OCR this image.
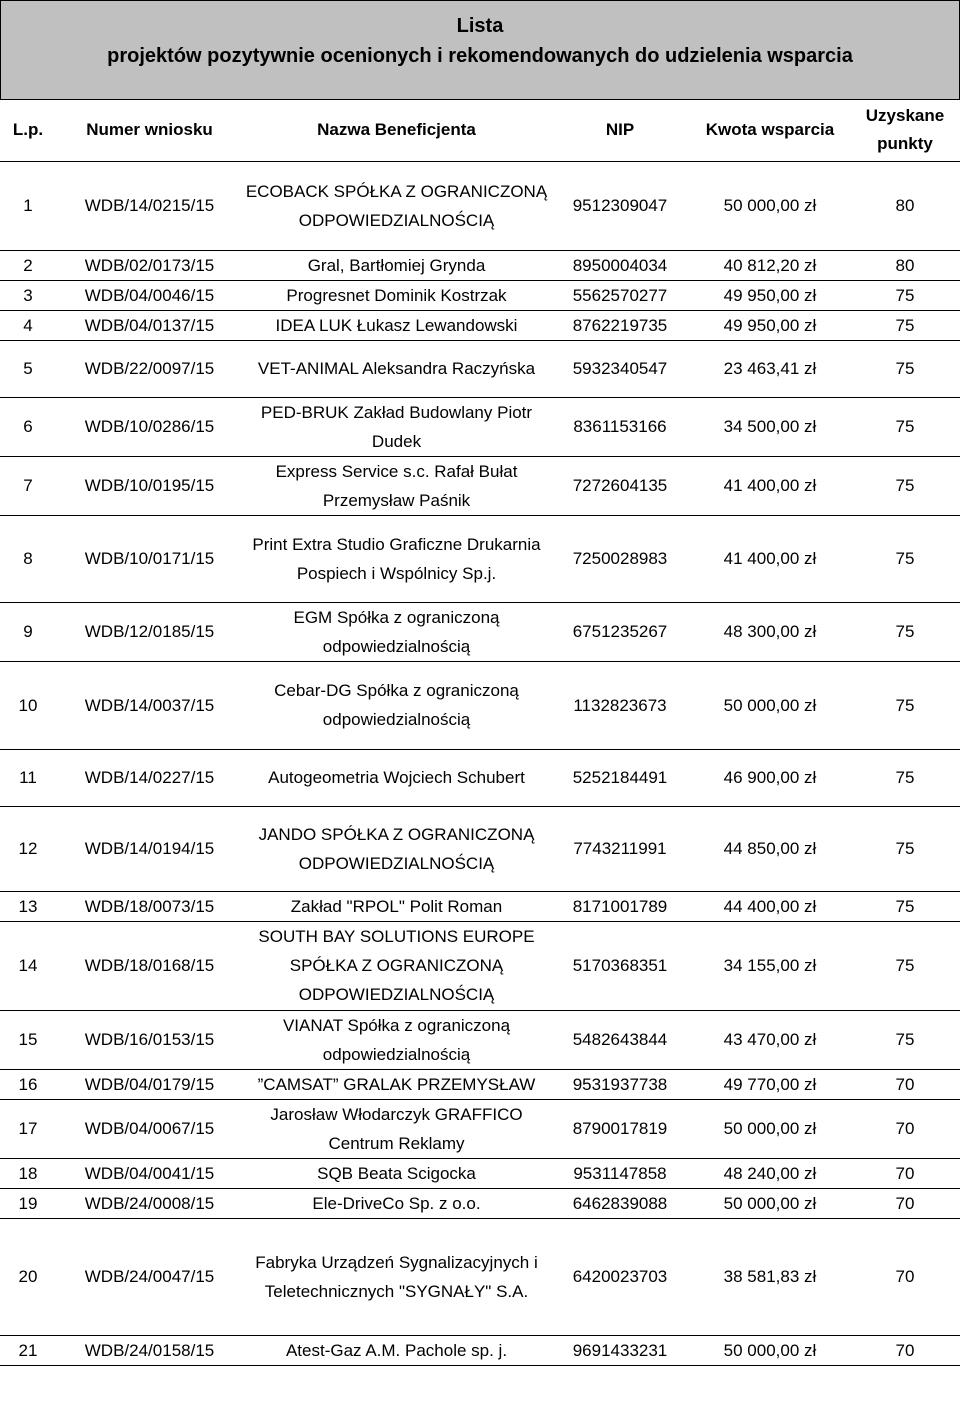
Lista
projektów pozytywnie ocenionych i rekomendowanych do udzielenia wsparcia
L.p.	Numer wniosku	Nazwa Beneficjenta	NIP	Kwota wsparcia	Uzyskane punkty
1	WDB/14/0215/15	ECOBACK SPÓŁKA Z OGRANICZONĄ ODPOWIEDZIALNOŚCIĄ	9512309047	50 000,00 zł	80
2	WDB/02/0173/15	Gral, Bartłomiej Grynda	8950004034	40 812,20 zł	80
3	WDB/04/0046/15	Progresnet Dominik Kostrzak	5562570277	49 950,00 zł	75
4	WDB/04/0137/15	IDEA LUK Łukasz Lewandowski	8762219735	49 950,00 zł	75
5	WDB/22/0097/15	VET-ANIMAL Aleksandra Raczyńska	5932340547	23 463,41 zł	75
6	WDB/10/0286/15	PED-BRUK Zakład Budowlany Piotr Dudek	8361153166	34 500,00 zł	75
7	WDB/10/0195/15	Express Service s.c. Rafał Bułat Przemysław Paśnik	7272604135	41 400,00 zł	75
8	WDB/10/0171/15	Print Extra Studio Graficzne Drukarnia Pospiech i Wspólnicy Sp.j.	7250028983	41 400,00 zł	75
9	WDB/12/0185/15	EGM Spółka z ograniczoną odpowiedzialnością	6751235267	48 300,00 zł	75
10	WDB/14/0037/15	Cebar-DG Spółka z ograniczoną odpowiedzialnością	1132823673	50 000,00 zł	75
11	WDB/14/0227/15	Autogeometria Wojciech Schubert	5252184491	46 900,00 zł	75
12	WDB/14/0194/15	JANDO SPÓŁKA Z OGRANICZONĄ ODPOWIEDZIALNOŚCIĄ	7743211991	44 850,00 zł	75
13	WDB/18/0073/15	Zakład "RPOL" Polit Roman	8171001789	44 400,00 zł	75
14	WDB/18/0168/15	SOUTH BAY SOLUTIONS EUROPE SPÓŁKA Z OGRANICZONĄ ODPOWIEDZIALNOŚCIĄ	5170368351	34 155,00 zł	75
15	WDB/16/0153/15	VIANAT Spółka z ograniczoną odpowiedzialnością	5482643844	43 470,00 zł	75
16	WDB/04/0179/15	”CAMSAT” GRALAK PRZEMYSŁAW	9531937738	49 770,00 zł	70
17	WDB/04/0067/15	Jarosław Włodarczyk GRAFFICO Centrum Reklamy	8790017819	50 000,00 zł	70
18	WDB/04/0041/15	SQB Beata Scigocka	9531147858	48 240,00 zł	70
19	WDB/24/0008/15	Ele-DriveCo Sp. z o.o.	6462839088	50 000,00 zł	70
20	WDB/24/0047/15	Fabryka Urządzeń Sygnalizacyjnych i Teletechnicznych "SYGNAŁY" S.A.	6420023703	38 581,83 zł	70
21	WDB/24/0158/15	Atest-Gaz A.M. Pachole sp. j.	9691433231	50 000,00 zł	70
